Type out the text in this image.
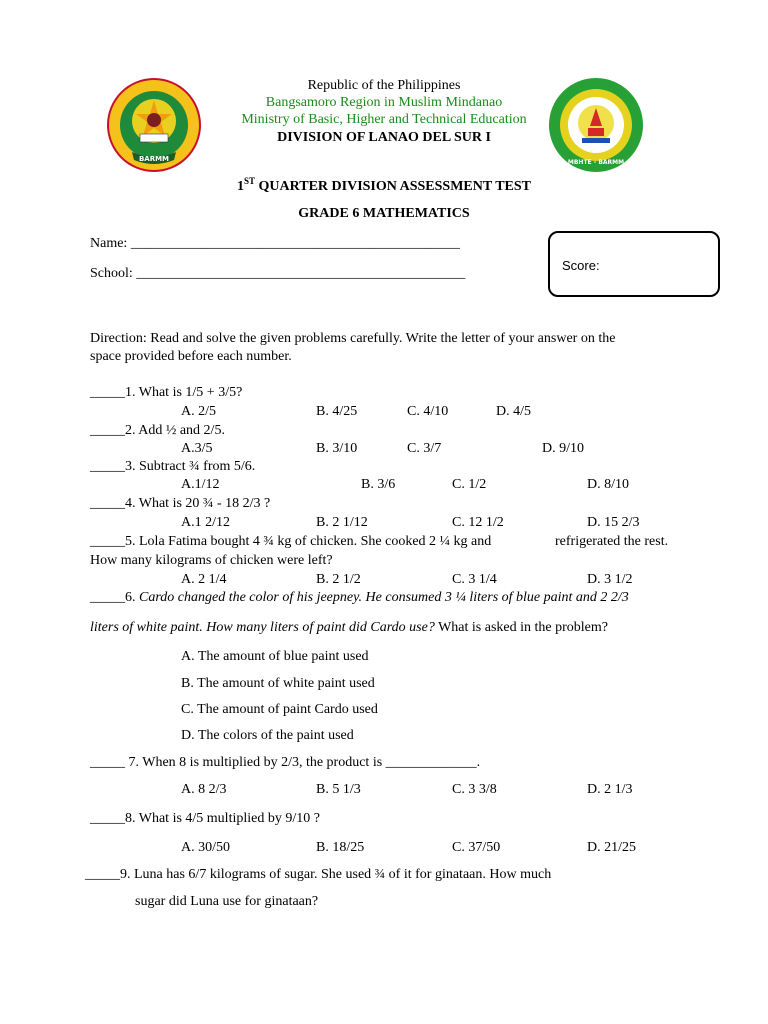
BARMM	MBHTE - BARMM
Republic of the Philippines
Bangsamoro Region in Muslim Mindanao
Ministry of Basic, Higher and Technical Education
DIVISION OF LANAO DEL SUR I
1ST QUARTER DIVISION ASSESSMENT TEST
GRADE 6 MATHEMATICS
Name: _______________________________________________
School: _______________________________________________
Score:
Direction: Read and solve the given problems carefully. Write the letter of your answer on the
space provided before each number.
_____1. What is 1/5 + 3/5?
A. 2/5	B. 4/25	C. 4/10	D. 4/5
_____2. Add ½ and 2/5.
A.3/5	B. 3/10	C. 3/7	D. 9/10
_____3. Subtract ¾ from 5/6.
A.1/12	B. 3/6	C. 1/2	D. 8/10
_____4. What is 20 ¾ - 18 2/3 ?
A.1 2/12	B. 2 1/12	C. 12 1/2	D. 15 2/3
_____5. Lola Fatima bought 4 ¾ kg of chicken. She cooked 2 ¼ kg and	refrigerated the rest.
How many kilograms of chicken were left?
A. 2 1/4	B. 2 1/2	C. 3 1/4	D. 3 1/2
_____6. Cardo changed the color of his jeepney. He consumed 3 ¼ liters of blue paint and 2 2/3
liters of white paint. How many liters of paint did Cardo use? What is asked in the problem?
A. The amount of blue paint used
B. The amount of white paint used
C. The amount of paint Cardo used
D. The colors of the paint used
_____ 7. When 8 is multiplied by 2/3, the product is _____________.
A. 8 2/3	B. 5 1/3	C. 3 3/8	D. 2 1/3
_____8. What is 4/5 multiplied by 9/10 ?
A. 30/50	B. 18/25	C. 37/50	D. 21/25
_____9. Luna has 6/7 kilograms of sugar. She used ¾ of it for ginataan. How much
sugar did Luna use for ginataan?
